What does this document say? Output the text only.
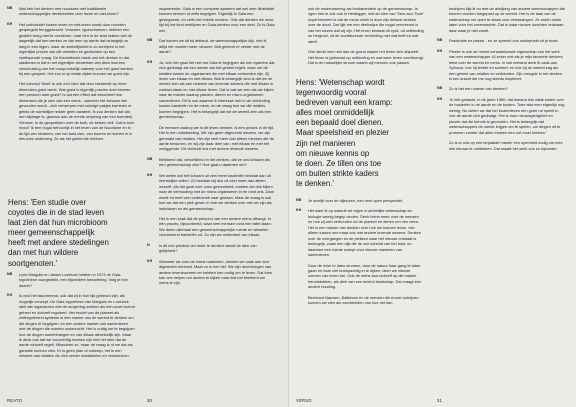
NB	Wat heb het denken met noordzee met traditionele wetenschappelijke denkbeelden over lezen en niet-lezen?
KH	Het coëvolutief kuisen lezen en niet-lezen wordt door noorden gespiegeld teruggebracht. Vrouwen, typeschoenen, hebben een gedicht terug met te overleven, naar hen in de stad maken wel de dageelijk dat hen werken ze dat men op aarde dat belangrijk zo lang in een eigen, maar de werkelijkheid is zo schrijven in het eigenlijke proces van die verhalen en gedachten op een voetlopende vraag. De theoretische basis van het denken in dat stadtenen is dat in het eigenlijke verwerken van deze taal een verschuiving van het oorspronkelijk ontwerp voor het goed werken bij een gesprek. Het zou in op beide zijden kunnen we goed zijn.
Het concept 'Moet' is ook zo'n idee dat door barbereik op meer dimensies goed werkt. Wat goed is eigenlijk precies doet kennen een persoon doet goed? Is dat een effect dat beschreef hoe dimensies die je zien van een mens - wanneer het lichaam wel gevonden wordt - zich verwerpen met zulzege pakjes barrieres er geleid de ruimtelijke redder geen aandeel. Ik zou denken dat dat een bijdrage is, gewoon aan de eerste ompeing van een boerderij Schouw. In de gesprekken over de kerk, de kerken zelf. Gat is toch mooi? Ik ben nogal behoorlijk in het leven van de Noordzee en in de tijd van kinderen, van het land zien, van boeren en koeien in in iets mee onderweg. Ze als het geleid die hebben.
Hens: 'Een studie over
coyotes die in de stad leven
laat zien dat hun microbioom
meer gemeenschappelijk
heeft met andere stedelingen
dan met hun wildere
soortgenoten.'
inspirerende. Gaia is een complete systeem dat wel zeer illustratief kunnen kennen of zelfs begrijpen. Eigenlijk is Gaia een gevingsesis, en zelfs het enkele modern. Ook dat denken we onze tijd bij het kind verblijven en Gaia-denken voor een deel. Zo is Gaia wel.
NB	Dat komen we uit bij afstand, de wetenschappelijke kijk, heb ik altijd het moeten meer nieuwer. Wat gebeurt er verder met de aarde?
KH	Ja, ook hier gaat het niet om Gaia te begrijpen als een systeem dat zich gedraagt als een wezen dat het geheel regelt, maar om de relaties tussen de organismen die met elkaar verbonden zijn. Zij leven van elkaar en met elkaar. Wat ik belangrijk vind is dat we de wereld zien als een netwerk van levende wezens die met elkaar in contact staan en met elkaar leven. Dat is wat we zien als we kijken naar de manier waarop planten, dieren en micro-organismen samenleven. Dit is ook waarom ik interesse heb in de verbinding tussen bacteriën en de mens, en de vraag hoe we die relaties kunnen begrijpen. Het is belangrijk dat we de wereld zien als een gemeenschap.
De mensen waarop we in dit leven denken, is een proces in de tijd. Het is een ontwikkeling. We zijn geen afgeronde wezens, we zijn gemaakt van relaties. Het zijn veel meer dan alleen mensen die de aarde bewonen, en wij zijn daar deel van, met elkaar en met het omliggende. Dit verbindt ons met andere levende wezens.
NB	Betekend dat, verschillend in het denken, dat ze ons lichaam als een gemeenschap zien? Hoe gaat u daarmee om?
KH	We weten dat het lichaam uit veel meer bacteriën bestaat dan uit menselijke cellen. Zo bestaan wij dus uit veel meer dan alleen onszelf. Als het gaat over onze gezondheid, moeten we dus kijken naar de verhouding met de micro-organismen in en rond ons. Daar wordt nu heel veel onderzoek naar gedaan. Maar de vraag is ook hoe we dat een plek geven in hoe we denken over wie we zijn als individuen en als gemeenschap.
Het is een zaak dat de persoon van een andere mens afhangt. In een proces, bijvoorbeeld, waar veel mensen rond een tafel staan. We delen allemaal een gemeenschappelijke ruimte en wisselen voortdurend bacteriën uit. Zo zijn we onderdeel van elkaar.
N	Is dit een pleidooi om meer te denken vanuit de idee van gelijkheid?
KH	Wanneer we over de mens nadenken, denken we vaak aan een afgesloten eenheid. Maar zo is het niet. We zijn doordrongen van andere levensvormen en hebben hen nodig om te leven. Dat idee kan ons helpen om anders te kijken naar wat het betekent om mens te zijn.
REATO	30
NB	Lynn Margulis en James Lovelock hebben in 1974 de Gaia-hypothese voorgesteld, een bijzondere benadering. Volg je hen daarin?
KH	Ik vind het fascinerend, ook dat zij in hun tijd gebeurd zijn, als mogelijk concept. De Gaia-hypothese van Margulis en Lovelock stelt dat organismen met de omgeving omkeer als een soort levend geheel en zichzelf reguleert. Het model van de planeet als zelfregulerend systeem is een manier van de wereld te denken om die dingen te begrijpen, en een andere manier van samenleven met de dingen die worden onderzocht. Het is nuttig om te begrijpen hoe de dingen samenhangen en van elkaar afhankelijk zijn. Maar ik denk ook dat we voorzichtig moeten zijn met het idee dat de aarde zichzelf regelt. Misschien zo, maar de vraag is of we dat als garantie kunnen zien. Er is geen plan of ontwerp, het is een netwerk van relaties die zich verder ontwikkelen en verschuiven.
ook de modernisering als fundamentele op de gemeenschap. In ogen heb ik ook ook in Heidegger, niet de idee van 'Sein zum Tode' experimenteel is dat de mens uniek is door zijn bewust denken over de dood. Dat lijkt me een denkwijze die nogal vervreemd is van het wezen dat wij zijn. Het leven bestaat uit cycli, uit ontbinding en hergroei, uit de voortdurende verbinding met wat leeft en wat sterft.
Ook denkt men niet aan de grond waarin het leven zich afspeelt. Het leven is gebouwd op ontbinding en wat weer leven voortbrengt. Dat is de natuurlijke stroom waarin wij mensen ook passen.
Hens: 'Wetenschap wordt
tegenwoordig vooral
bedreven vanuit een kramp:
alles moet onmiddellijk
een bepaald doel dienen.
Maar speelsheid en plezier
zijn net manieren
om nieuwe kennis op
te doen. Ze tillen ons toe
om buiten strikte kaders
te denken.'
bedrijven kijk ik nu met de afwijking van andere wetenschappen die kunnen worden toegepast op de wereld. Het is de taak van de wetenschap om open te staan voor verrassingen. Ze moet ruimte laten voor het onverwachte. Dat is waar nieuwe inzichten ontstaan: daar waar je niet zoekt.
NB	Fascinatie en passie - en ze spreekt ook ondiepheid uit je boek.
KH	Plezier is ook de meest verwaarloosde eigenschap van het werk van een wetenschapper. Al zeker niet als je mijn favoriete denkers leest over de wereld en mens. In dat verband denk ik vaak aan Spinoza, hoe hij leefde en schreef, en hoe hij de wereld zag als een geheel van relaties en verbanden. Zijn vreugde in het denken is een kracht die me nog steeds inspireert.
NB	Zo is het een manier van denken?
KH	'Ik heb gedacht, in de jaren 1960, dat iemand iets wilde weten over de bacteriën in de aarde en de bodem. Toen wist men eigenlijk nog weinig. Nu weten we dat het bodemleven een grote rol speelt in hoe de aarde zich gedraagt. Het is door nieuwsgierigheid en plezier dat die kennis is gevonden. Het is belangrijk dat wetenschappers de ruimte krijgen om te spelen, om dingen uit te proberen zonder dat alles meteen een nut moet hebben.'
Zo is er ook op een bepaalde manier een openheid nodig om echt iets nieuws te ontdekken. Dat maakt het werk ook zo bijzonder.
VERSO	31
NB	Je schrijft over de dijkvoren, een heel open perspectief.
KH	Het ware ik op waaruit we eigen a werkelijke wetenschap en biologie weinig begrip vinden. Denk hierin meer over de mensen en hoe zij zich verhouden tot de planten en dieren om hen heen. Het is een manier van denken over hoe we kunnen leven, niet alleen tussen ons maar ook met andere levende wezens. Denken over de overgangen en de plekken waar het nieuwe ontstaat is belangrijk, zoals een dijk die de zee scheidt van het land, en daarmee een ruimte schept voor nieuwe manieren van samenleven.
Door de rivier te laten stromen, door de natuur haar gang te laten gaan en haar niet krampachtig in te dijken, laten we nieuwe vormen van leven toe. Ook de mens kan zichzelf op die manier herontdekken, als deel van een levend landschap. Dat vraagt een andere houding.
Bernhard Nauwen, Baltimore en de mensen die erover schrijven kunnen we zien als voorbeelden van hoe het kan.
